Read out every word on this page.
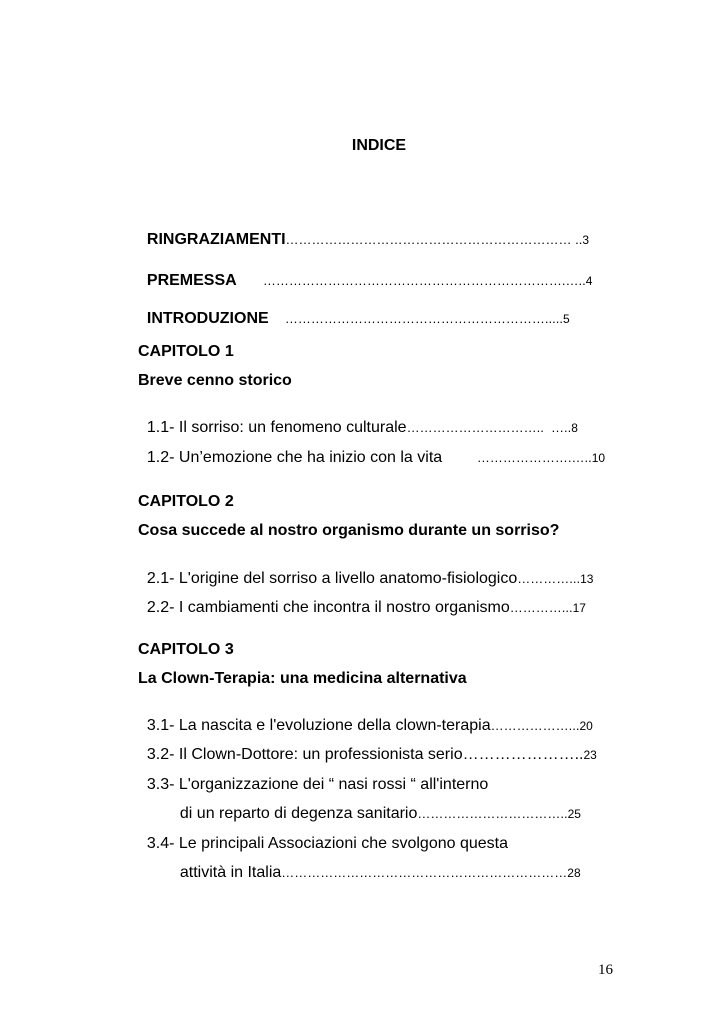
INDICE

RINGRAZIAMENTI………………………………………………………… ..3

PREMESSA	…………………………………………………………….…..4

INTRODUZIONE	…………………………………………………….....5

CAPITOLO 1
Breve cenno storico

1.1- Il sorriso: un fenomeno culturale…………………………..  …..8

1.2- Un’emozione che ha inizio con la vita	………………….…..10

CAPITOLO 2
Cosa succede al nostro organismo durante un sorriso?

2.1- L'origine del sorriso a livello anatomo-fisiologico…………...13

2.2- I cambiamenti che incontra il nostro organismo…………...17

CAPITOLO 3
La Clown-Terapia: una medicina alternativa

3.1- La nascita e l'evoluzione della clown-terapia………………...20

3.2- Il Clown-Dottore: un professionista serio…………………..23

3.3- L'organizzazione dei “ nasi rossi “ all'interno

di un reparto di degenza sanitario……………………………..25

3.4- Le principali Associazioni che svolgono questa

attività in Italia…………………………………………………………28

16
